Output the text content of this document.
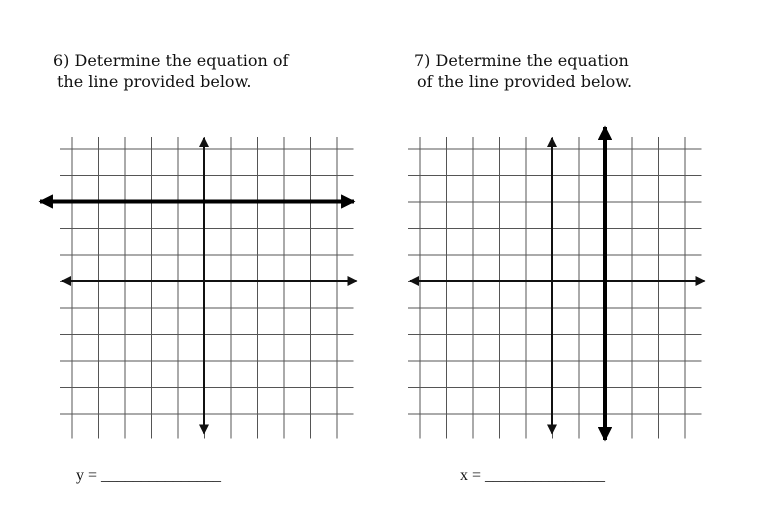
6) Determine the equation of
the line provided below.
7) Determine the equation
of the line provided below.
y = _______________	x = _______________
